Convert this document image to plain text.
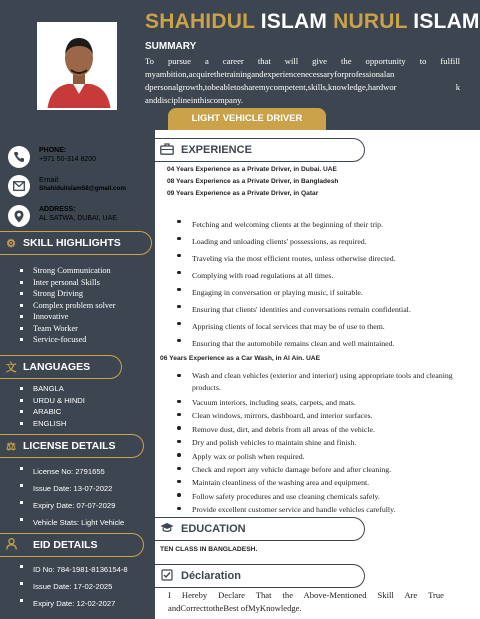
SHAHIDUL ISLAM NURUL ISLAM
SUMMARY
To pursue a career that will give the opportunity to fulfill myambition,acquirethetrainingandexperiencenecessaryforprofessionalan dpersonalgrowth,tobeabletosharemycompetent,skills,knowledge,hardwor k anddisciplineinthiscompany.
LIGHT VEHICLE DRIVER
PHONE:
+971 50-314 8200
Email:
Shahidulislam58@gmail.com
ADDRESS:
AL SATWA, DUBAI, UAE.
⚙ SKILL HIGHLIGHTS
Strong Communication
Inter personal Skills
Strong Driving
Complex problem solver
Innovative
Team Worker
Service-focused
文 LANGUAGES
BANGLA
URDU & HINDI
ARABIC
ENGLISH
⚖ LICENSE DETAILS
License No: 2791655
Issue Date: 13-07-2022
Expiry Date: 07-07-2029
Vehicle Stats: Light Vehicle
EID DETAILS
ID No: 784-1981-8136154-8
Issue Date: 17-02-2025
Expiry Date: 12-02-2027
EXPERIENCE
04 Years Experience as a Private Driver, in Dubai. UAE
08 Years Experience as a Private Driver, in Bangladesh
09 Years Experience as a Private Driver, in Qatar
Fetching and welcoming clients at the beginning of their trip.
Loading and unloading clients' possessions, as required.
Traveling via the most efficient routes, unless otherwise directed.
Complying with road regulations at all times.
Engaging in conversation or playing music, if suitable.
Ensuring that clients' identities and conversations remain confidential.
Apprising clients of local services that may be of use to them.
Ensuring that the automobile remains clean and well maintained.
06 Years Experience as a Car Wash, in Al Ain. UAE
Wash and clean vehicles (exterior and interior) using appropriate tools and cleaning products.
Vacuum interiors, including seats, carpets, and mats.
Clean windows, mirrors, dashboard, and interior surfaces.
Remove dust, dirt, and debris from all areas of the vehicle.
Dry and polish vehicles to maintain shine and finish.
Apply wax or polish when required.
Check and report any vehicle damage before and after cleaning.
Maintain cleanliness of the washing area and equipment.
Follow safety procedures and use cleaning chemicals safely.
Provide excellent customer service and handle vehicles carefully.
EDUCATION
TEN CLASS IN BANGLADESH.
Déclaration
I Hereby Declare That the Above-Mentioned Skill Are True andCorrecttotheBest ofMyKnowledge.
